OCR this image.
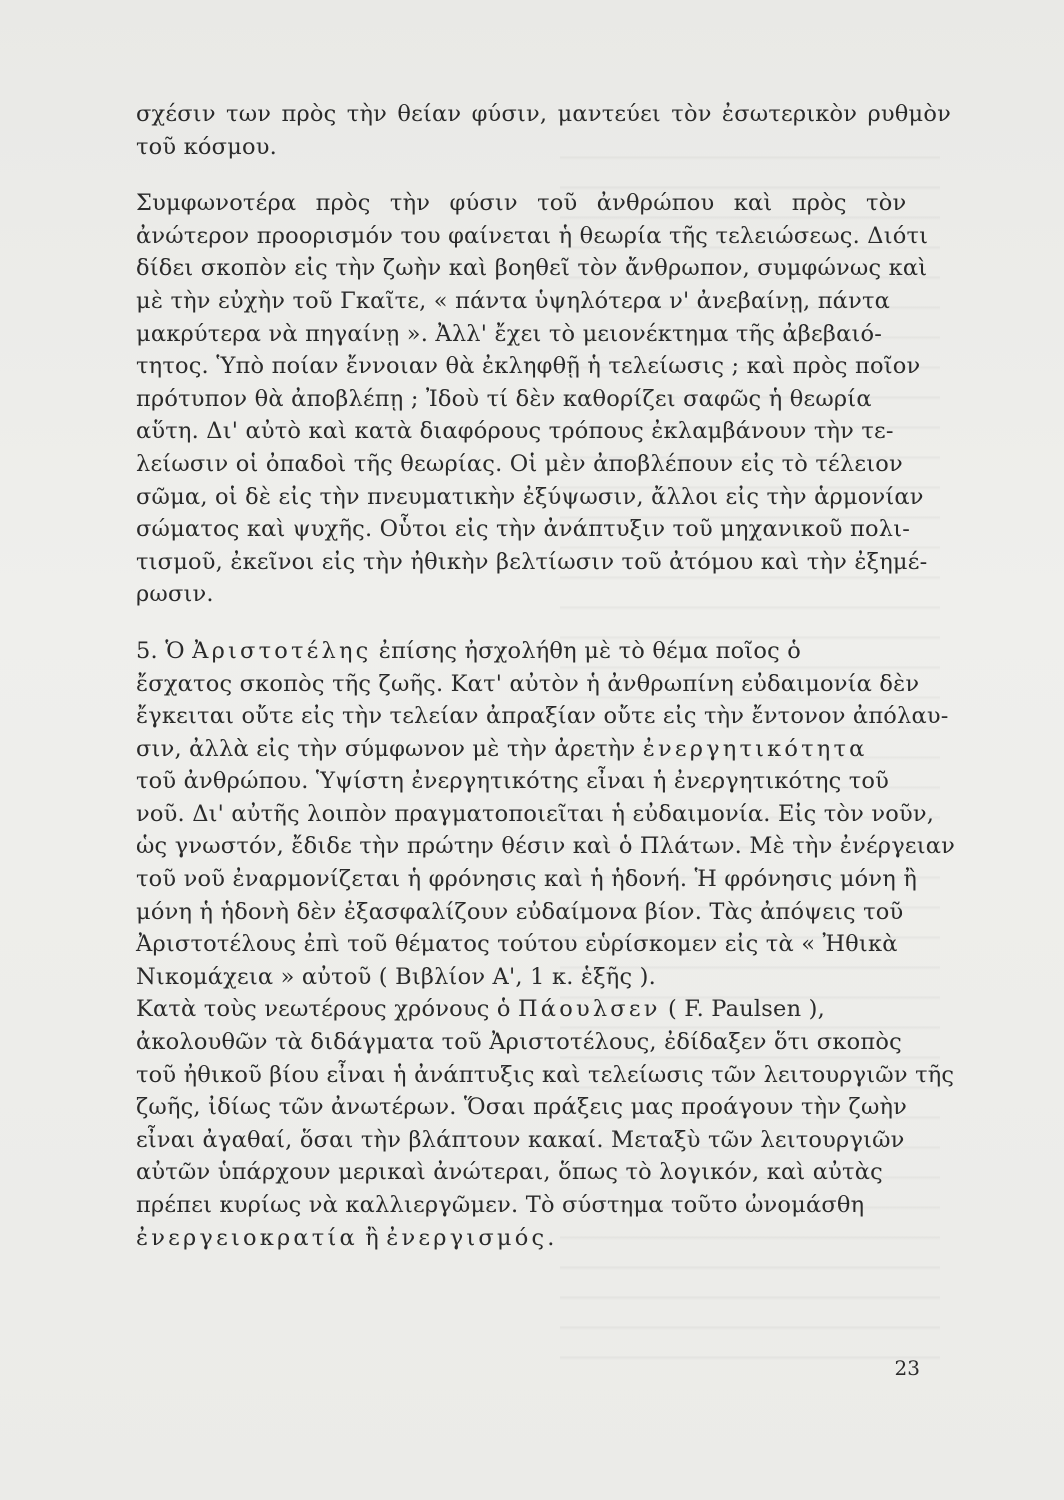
σχέσιν των πρὸς τὴν θείαν φύσιν, μαντεύει τὸν ἐσωτερικὸν ρυθμὸν
τοῦ κόσμου.
Συμφωνοτέρα πρὸς τὴν φύσιν τοῦ ἀνθρώπου καὶ πρὸς τὸν
ἀνώτερον προορισμόν του φαίνεται ἡ θεωρία τῆς τελειώσεως. Διότι
δίδει σκοπὸν εἰς τὴν ζωὴν καὶ βοηθεῖ τὸν ἄνθρωπον, συμφώνως καὶ
μὲ τὴν εὐχὴν τοῦ Γκαῖτε, « πάντα ὑψηλότερα ν' ἀνεβαίνῃ, πάντα
μακρύτερα νὰ πηγαίνῃ ». Ἀλλ' ἔχει τὸ μειονέκτημα τῆς ἀβεβαιό-
τητος. Ὑπὸ ποίαν ἔννοιαν θὰ ἐκληφθῇ ἡ τελείωσις ; καὶ πρὸς ποῖον
πρότυπον θὰ ἀποβλέπῃ ; Ἰδοὺ τί δὲν καθορίζει σαφῶς ἡ θεωρία
αὕτη. Δι' αὐτὸ καὶ κατὰ διαφόρους τρόπους ἐκλαμβάνουν τὴν τε-
λείωσιν οἱ ὀπαδοὶ τῆς θεωρίας. Οἱ μὲν ἀποβλέπουν εἰς τὸ τέλειον
σῶμα, οἱ δὲ εἰς τὴν πνευματικὴν ἐξύψωσιν, ἄλλοι εἰς τὴν ἁρμονίαν
σώματος καὶ ψυχῆς. Οὗτοι εἰς τὴν ἀνάπτυξιν τοῦ μηχανικοῦ πολι-
τισμοῦ, ἐκεῖνοι εἰς τὴν ἠθικὴν βελτίωσιν τοῦ ἀτόμου καὶ τὴν ἐξημέ-
ρωσιν.
5. Ὁ Ἀριστοτέλης ἐπίσης ἠσχολήθη μὲ τὸ θέμα ποῖος ὁ
ἔσχατος σκοπὸς τῆς ζωῆς. Κατ' αὐτὸν ἡ ἀνθρωπίνη εὐδαιμονία δὲν
ἔγκειται οὔτε εἰς τὴν τελείαν ἀπραξίαν οὔτε εἰς τὴν ἔντονον ἀπόλαυ-
σιν, ἀλλὰ εἰς τὴν σύμφωνον μὲ τὴν ἀρετὴν ἐνεργητικότητα
τοῦ ἀνθρώπου. Ὑψίστη ἐνεργητικότης εἶναι ἡ ἐνεργητικότης τοῦ
νοῦ. Δι' αὐτῆς λοιπὸν πραγματοποιεῖται ἡ εὐδαιμονία. Εἰς τὸν νοῦν,
ὡς γνωστόν, ἔδιδε τὴν πρώτην θέσιν καὶ ὁ Πλάτων. Μὲ τὴν ἐνέργειαν
τοῦ νοῦ ἐναρμονίζεται ἡ φρόνησις καὶ ἡ ἡδονή. Ἡ φρόνησις μόνη ἢ
μόνη ἡ ἡδονὴ δὲν ἐξασφαλίζουν εὐδαίμονα βίον. Τὰς ἀπόψεις τοῦ
Ἀριστοτέλους ἐπὶ τοῦ θέματος τούτου εὑρίσκομεν εἰς τὰ « Ἠθικὰ
Νικομάχεια » αὐτοῦ ( Βιβλίον Α', 1 κ. ἑξῆς ).
Κατὰ τοὺς νεωτέρους χρόνους ὁ Πάουλσεν ( F. Paulsen ),
ἀκολουθῶν τὰ διδάγματα τοῦ Ἀριστοτέλους, ἐδίδαξεν ὅτι σκοπὸς
τοῦ ἠθικοῦ βίου εἶναι ἡ ἀνάπτυξις καὶ τελείωσις τῶν λειτουργιῶν τῆς
ζωῆς, ἰδίως τῶν ἀνωτέρων. Ὅσαι πράξεις μας προάγουν τὴν ζωὴν
εἶναι ἀγαθαί, ὅσαι τὴν βλάπτουν κακαί. Μεταξὺ τῶν λειτουργιῶν
αὐτῶν ὑπάρχουν μερικαὶ ἀνώτεραι, ὅπως τὸ λογικόν, καὶ αὐτὰς
πρέπει κυρίως νὰ καλλιεργῶμεν. Τὸ σύστημα τοῦτο ὠνομάσθη
ἐνεργειοκρατία ἢ ἐνεργισμός.
23
